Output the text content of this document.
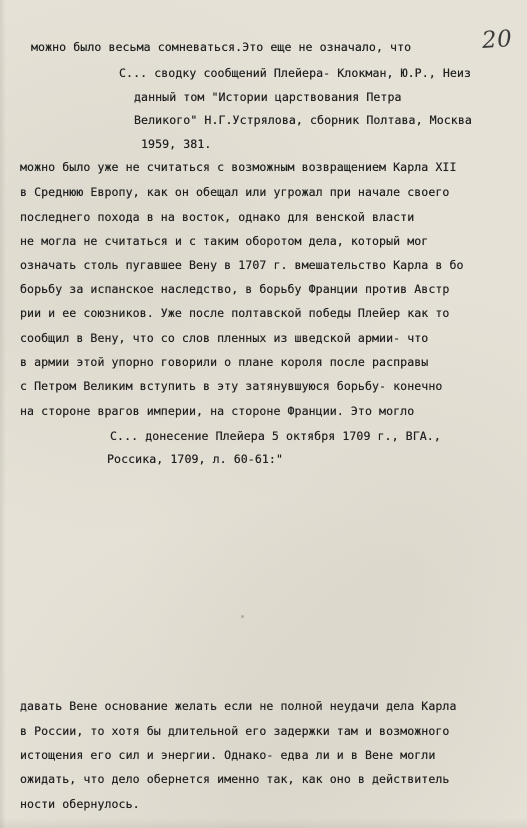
20

можно было весьма сомневаться.Это еще не означало, что

С... сводку сообщений Плейера- Клокман, Ю.Р., Неиз

данный том "Истории царствования Петра

Великого" Н.Г.Устрялова, сборник Полтава, Москва

1959, 381.

можно было уже не считаться с возможным возвращением Карла XII

в Среднюю Европу, как он обещал или угрожал при начале своего

последнего похода в на восток, однако для венской власти

не могла не считаться и с таким оборотом дела, который мог

означать столь пугавшее Вену в 1707 г. вмешательство Карла в бо

борьбу за испанское наследство, в борьбу Франции против Австр

рии и ее союзников. Уже после полтавской победы Плейер как то

сообщил в Вену, что со слов пленных из шведской армии- что

в армии этой упорно говорили о плане короля после расправы

с Петром Великим вступить в эту затянувшуюся борьбу- конечно

на стороне врагов империи, на стороне Франции. Это могло

С... донесение Плейера 5 октября 1709 г., ВГА.,

Россика, 1709, л. 60-61:"

давать Вене основание желать если не полной неудачи дела Карла

в России, то хотя бы длительной его задержки там и возможного

истощения его сил и энергии. Однако- едва ли и в Вене могли

ожидать, что дело обернется именно так, как оно в действитель

ности обернулось.
